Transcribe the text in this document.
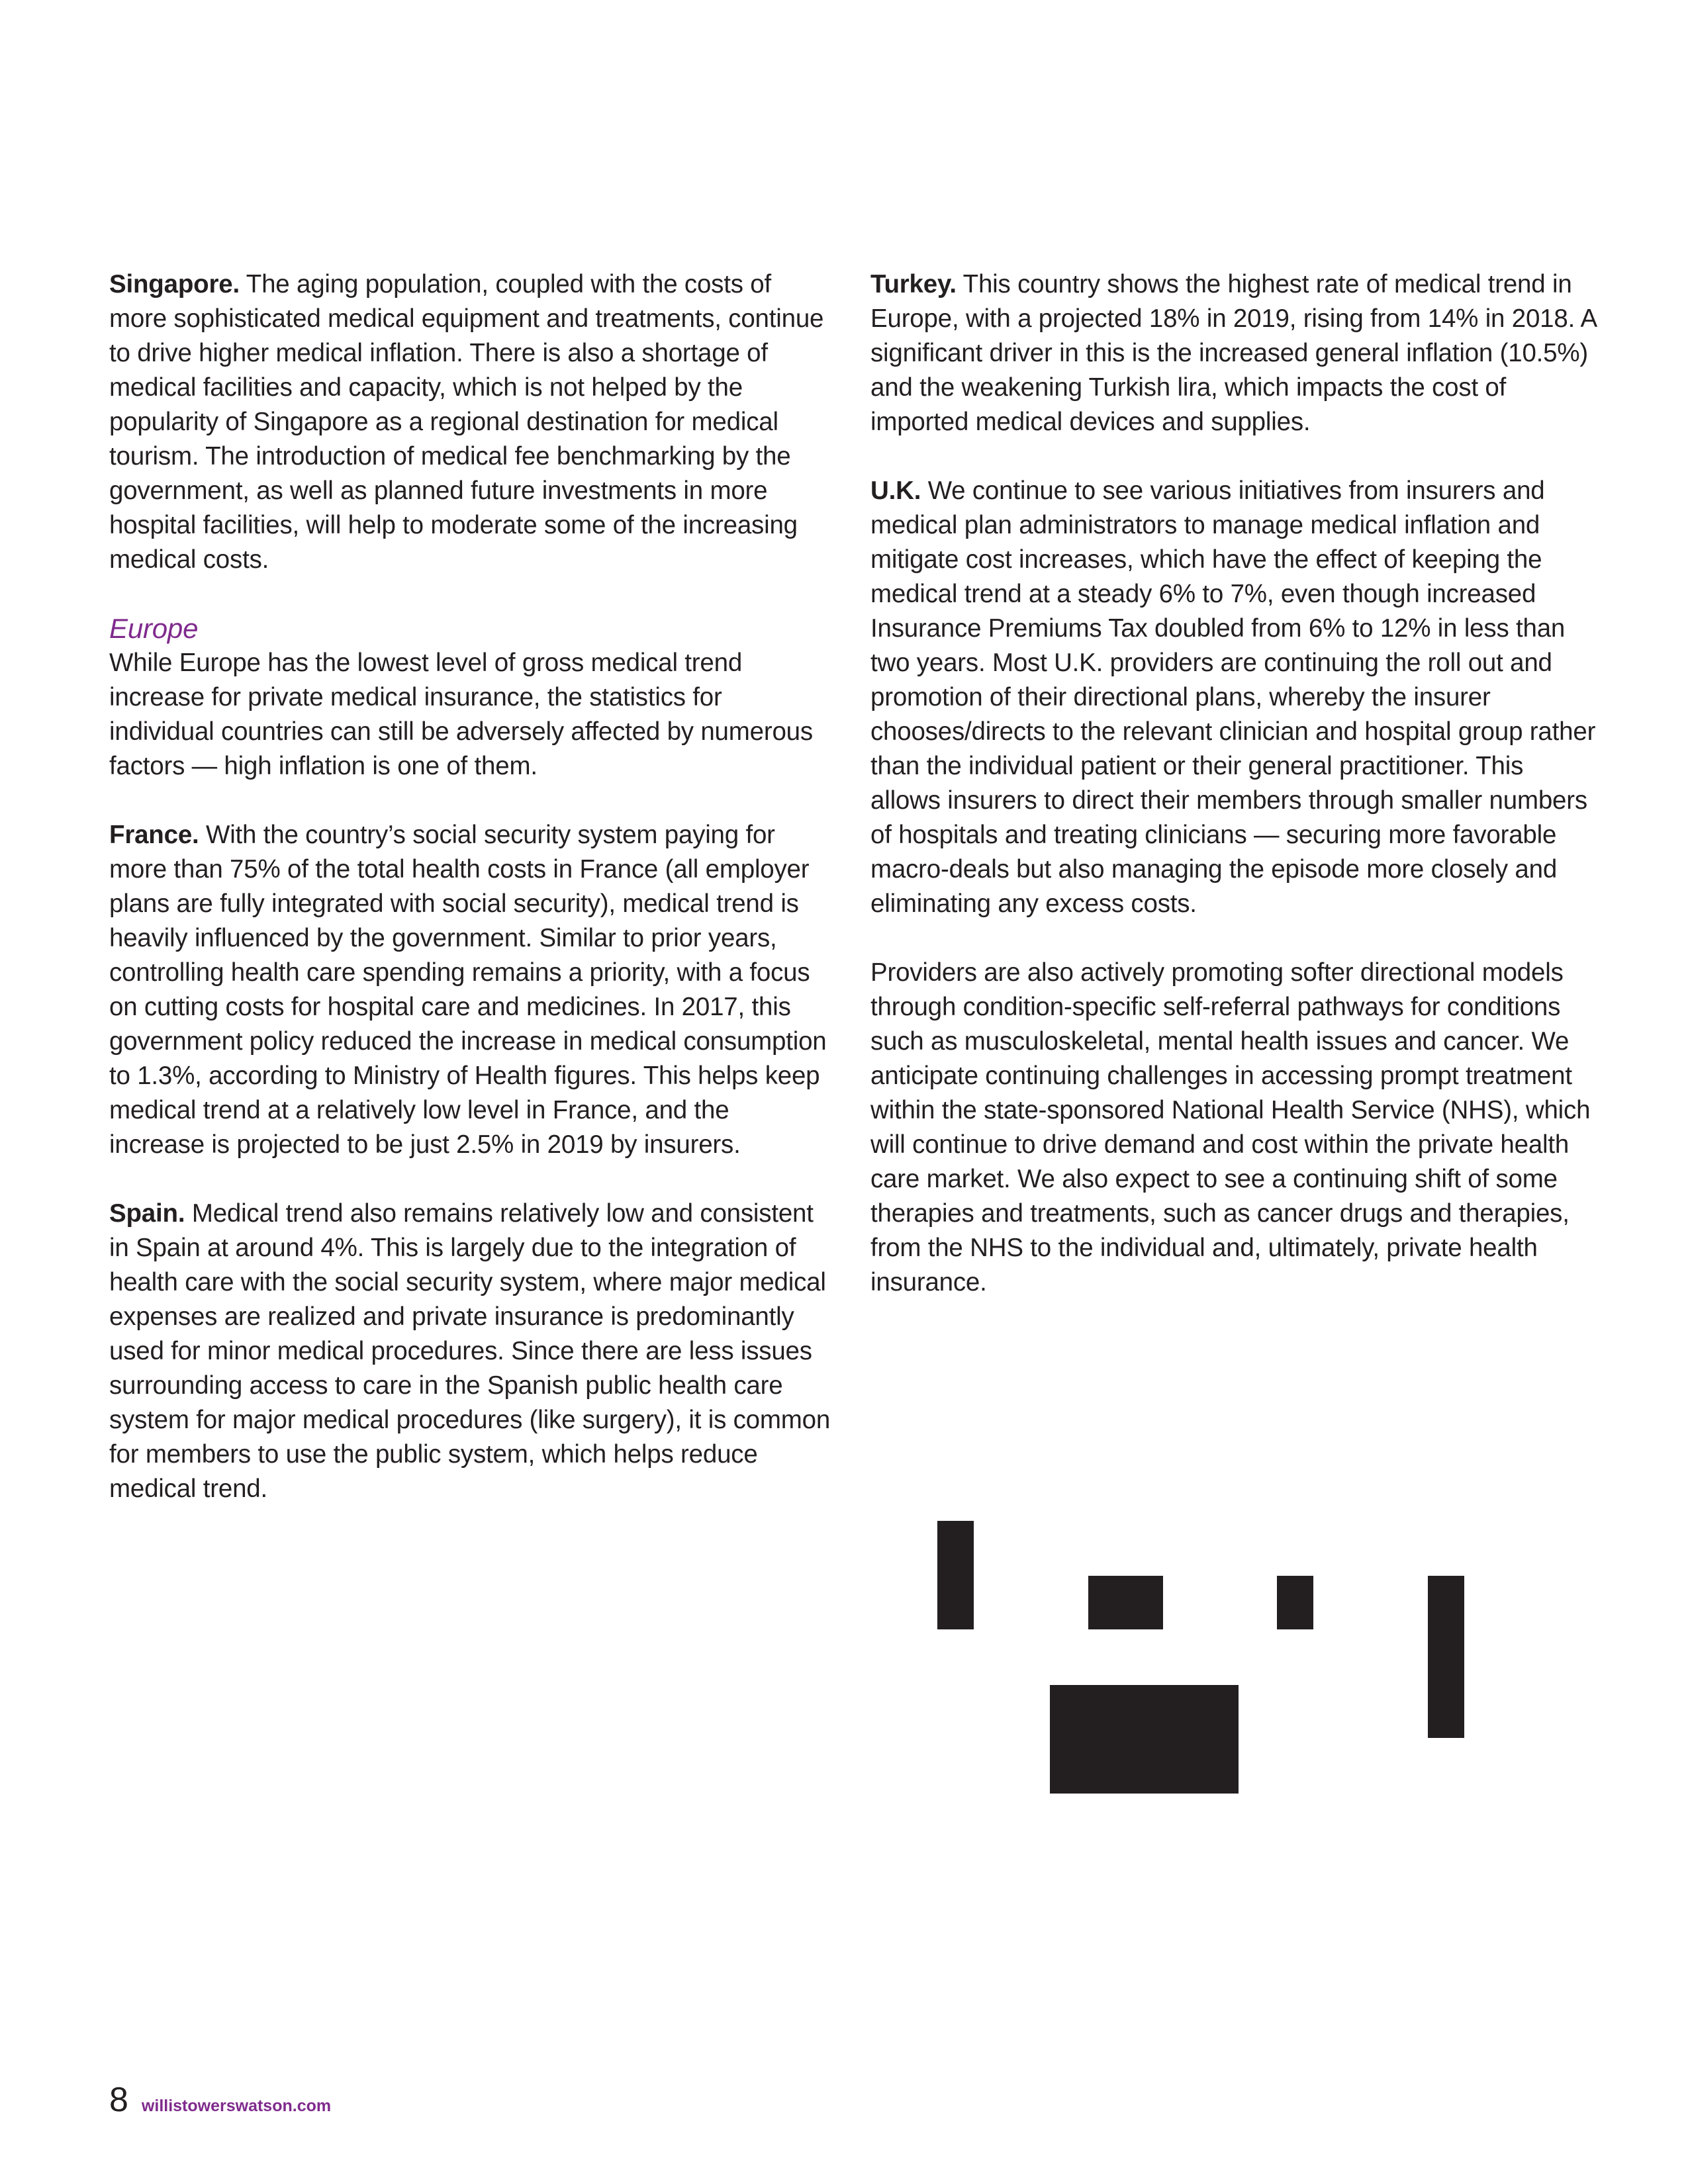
Singapore. The aging population, coupled with the costs of more sophisticated medical equipment and treatments, continue to drive higher medical inflation. There is also a shortage of medical facilities and capacity, which is not helped by the popularity of Singapore as a regional destination for medical tourism. The introduction of medical fee benchmarking by the government, as well as planned future investments in more hospital facilities, will help to moderate some of the increasing medical costs.

Europe

While Europe has the lowest level of gross medical trend increase for private medical insurance, the statistics for individual countries can still be adversely affected by numerous factors — high inflation is one of them.

France. With the country’s social security system paying for more than 75% of the total health costs in France (all employer plans are fully integrated with social security), medical trend is heavily influenced by the government. Similar to prior years, controlling health care spending remains a priority, with a focus on cutting costs for hospital care and medicines. In 2017, this government policy reduced the increase in medical consumption to 1.3%, according to Ministry of Health figures. This helps keep medical trend at a relatively low level in France, and the increase is projected to be just 2.5% in 2019 by insurers.

Spain. Medical trend also remains relatively low and consistent in Spain at around 4%. This is largely due to the integration of health care with the social security system, where major medical expenses are realized and private insurance is predominantly used for minor medical procedures. Since there are less issues surrounding access to care in the Spanish public health care system for major medical procedures (like surgery), it is common for members to use the public system, which helps reduce medical trend.

Turkey. This country shows the highest rate of medical trend in Europe, with a projected 18% in 2019, rising from 14% in 2018. A significant driver in this is the increased general inflation (10.5%) and the weakening Turkish lira, which impacts the cost of imported medical devices and supplies.

U.K. We continue to see various initiatives from insurers and medical plan administrators to manage medical inflation and mitigate cost increases, which have the effect of keeping the medical trend at a steady 6% to 7%, even though increased Insurance Premiums Tax doubled from 6% to 12% in less than two years. Most U.K. providers are continuing the roll out and promotion of their directional plans, whereby the insurer chooses/directs to the relevant clinician and hospital group rather than the individual patient or their general practitioner. This allows insurers to direct their members through smaller numbers of hospitals and treating clinicians — securing more favorable macro-deals but also managing the episode more closely and eliminating any excess costs.

Providers are also actively promoting softer directional models through condition-specific self-referral pathways for conditions such as musculoskeletal, mental health issues and cancer. We anticipate continuing challenges in accessing prompt treatment within the state-sponsored National Health Service (NHS), which will continue to drive demand and cost within the private health care market. We also expect to see a continuing shift of some therapies and treatments, such as cancer drugs and therapies, from the NHS to the individual and, ultimately, private health insurance.

8 willistowerswatson.com
